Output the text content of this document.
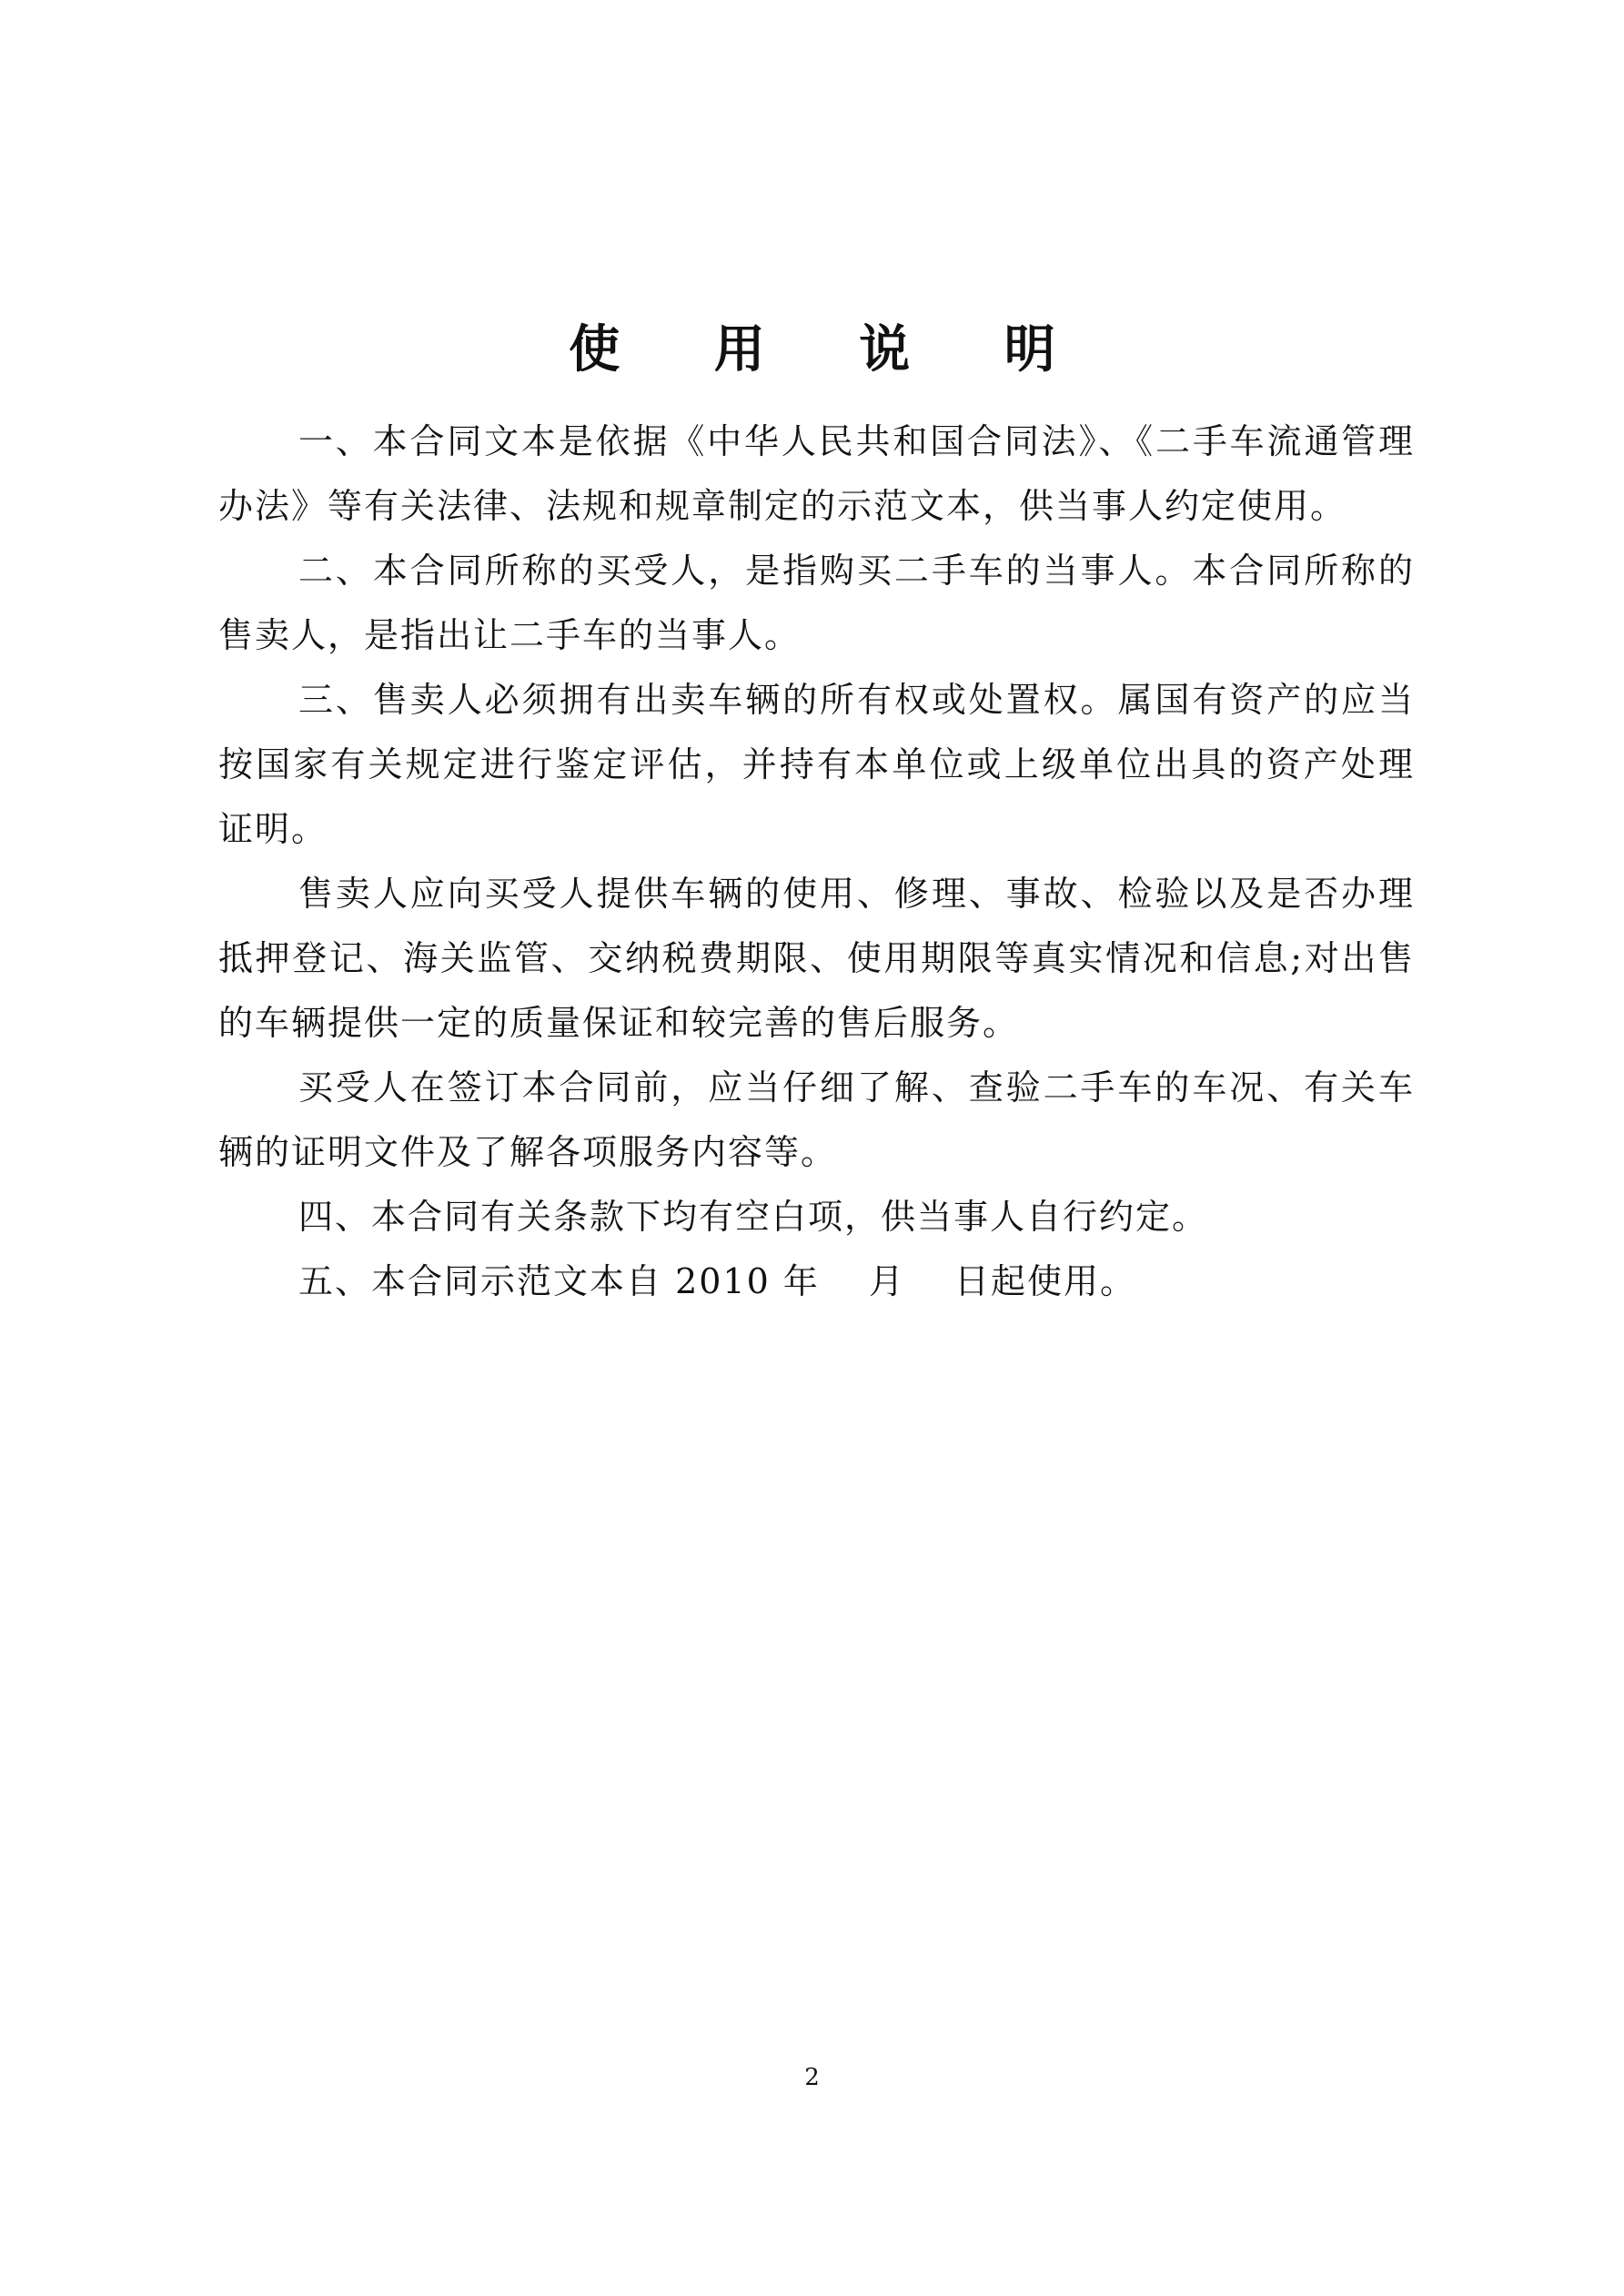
使 用 说 明

一、本合同文本是依据《中华人民共和国合同法》、《二手车流通管理办法》等有关法律、法规和规章制定的示范文本，供当事人约定使用。

二、本合同所称的买受人，是指购买二手车的当事人。本合同所称的售卖人，是指出让二手车的当事人。

三、售卖人必须拥有出卖车辆的所有权或处置权。属国有资产的应当按国家有关规定进行鉴定评估，并持有本单位或上级单位出具的资产处理证明。

售卖人应向买受人提供车辆的使用、修理、事故、检验以及是否办理抵押登记、海关监管、交纳税费期限、使用期限等真实情况和信息;对出售的车辆提供一定的质量保证和较完善的售后服务。

买受人在签订本合同前，应当仔细了解、查验二手车的车况、有关车辆的证明文件及了解各项服务内容等。

四、本合同有关条款下均有空白项，供当事人自行约定。

五、本合同示范文本自 2010 年　 月　 日起使用。

2
